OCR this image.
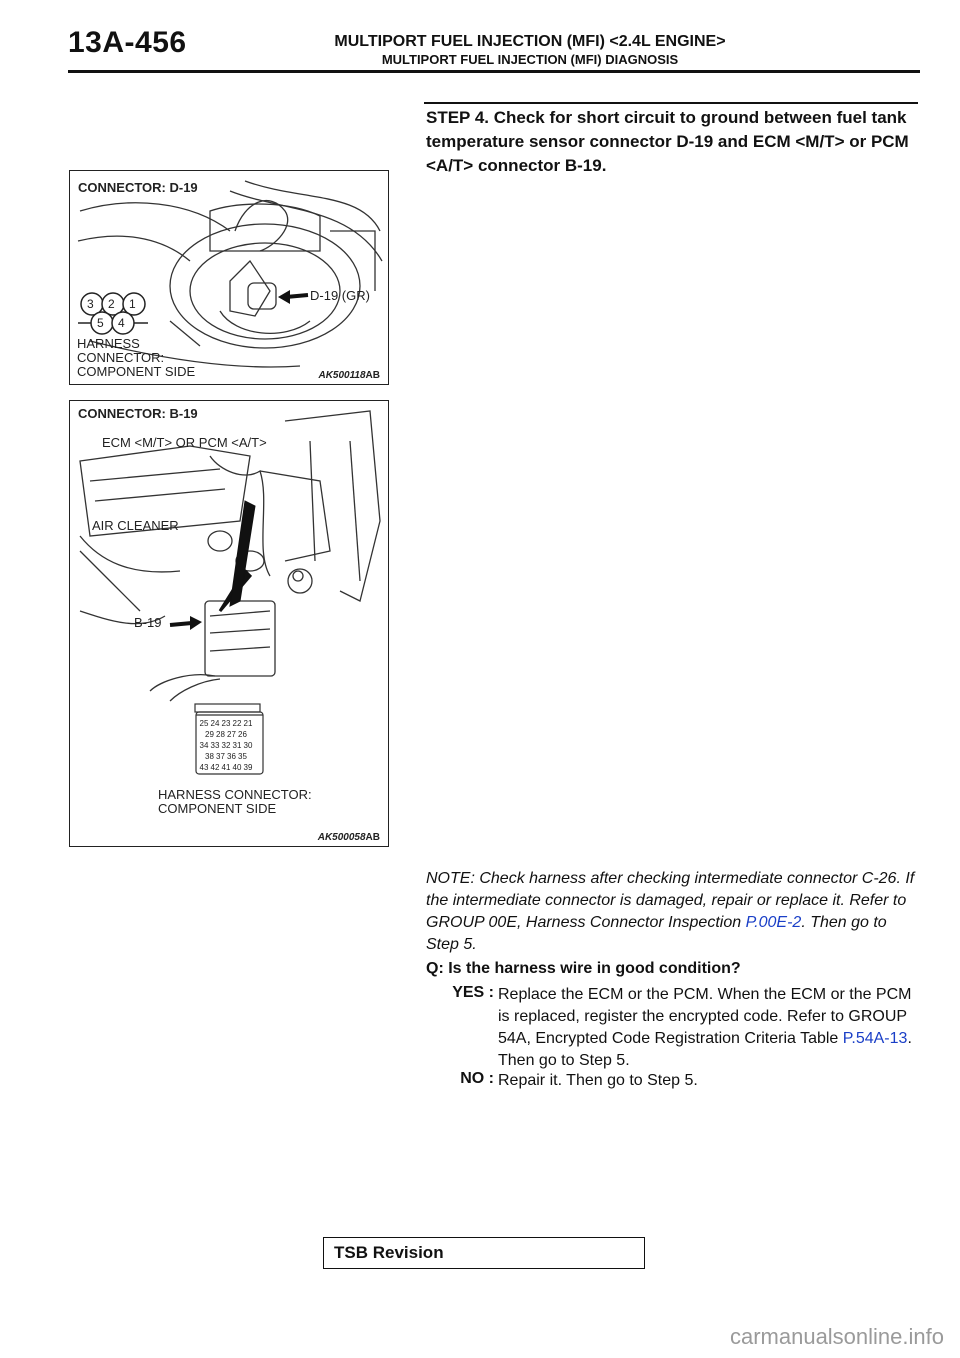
13A-456	MULTIPORT FUEL INJECTION (MFI) <2.4L ENGINE>
MULTIPORT FUEL INJECTION (MFI) DIAGNOSIS
STEP 4. Check for short circuit to ground between fuel tank temperature sensor connector D-19 and ECM <M/T> or PCM <A/T> connector B-19.
CONNECTOR: D-19
D-19 (GR)
3 2 1
5 4
HARNESS
CONNECTOR:
COMPONENT SIDE	AK500118AB
CONNECTOR: B-19
ECM <M/T> OR PCM <A/T>
AIR CLEANER
B-19
25 24 23 22 21
29 28 27 26
34 33 32 31 30
38 37 36 35
43 42 41 40 39
HARNESS CONNECTOR:
COMPONENT SIDE
AK500058AB
NOTE: Check harness after checking intermediate connector C-26. If the intermediate connector is damaged, repair or replace it. Refer to GROUP 00E, Harness Connector Inspection P.00E-2. Then go to Step 5.
Q: Is the harness wire in good condition?
YES : Replace the ECM or the PCM. When the ECM or the PCM is replaced, register the encrypted code. Refer to GROUP 54A, Encrypted Code Registration Criteria Table P.54A-13. Then go to Step 5.
NO : Repair it. Then go to Step 5.
TSB Revision
carmanualsonline.info
